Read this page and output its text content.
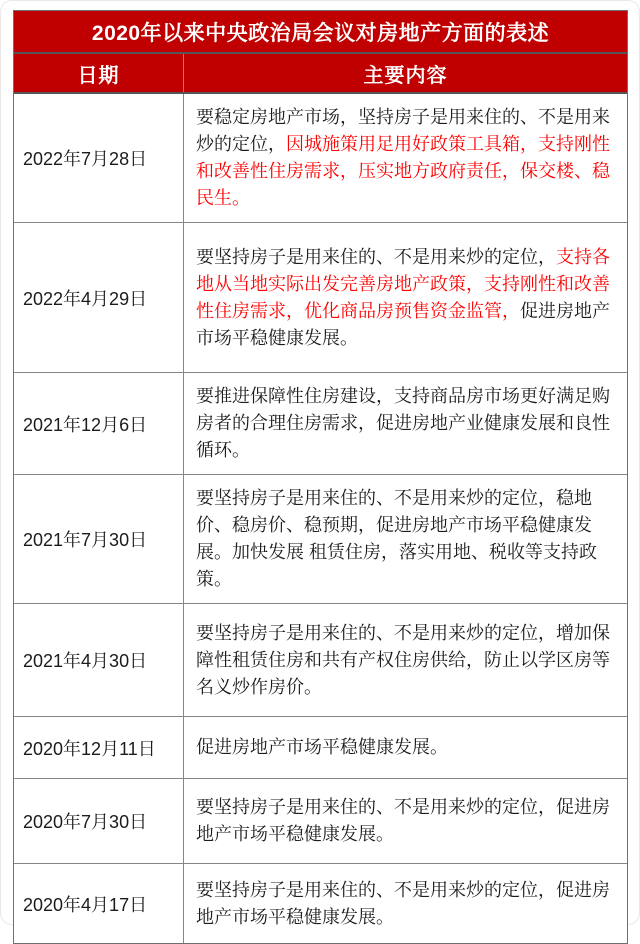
2020年以来中央政治局会议对房地产方面的表述
日期	主要内容
2022年7月28日
要稳定房地产市场，坚持房子是用来住的、不是用来炒的定位，因城施策用足用好政策工具箱，支持刚性和改善性住房需求，压实地方政府责任，保交楼、稳民生。
2022年4月29日
要坚持房子是用来住的、不是用来炒的定位，支持各地从当地实际出发完善房地产政策，支持刚性和改善性住房需求，优化商品房预售资金监管，促进房地产市场平稳健康发展。
2021年12月6日
要推进保障性住房建设，支持商品房市场更好满足购房者的合理住房需求，促进房地产业健康发展和良性循环。
2021年7月30日
要坚持房子是用来住的、不是用来炒的定位，稳地价、稳房价、稳预期，促进房地产市场平稳健康发展。加快发展 租赁住房，落实用地、税收等支持政策。
2021年4月30日
要坚持房子是用来住的、不是用来炒的定位，增加保障性租赁住房和共有产权住房供给，防止以学区房等名义炒作房价。
2020年12月11日	促进房地产市场平稳健康发展。
2020年7月30日
要坚持房子是用来住的、不是用来炒的定位，促进房地产市场平稳健康发展。
2020年4月17日
要坚持房子是用来住的、不是用来炒的定位，促进房地产市场平稳健康发展。
